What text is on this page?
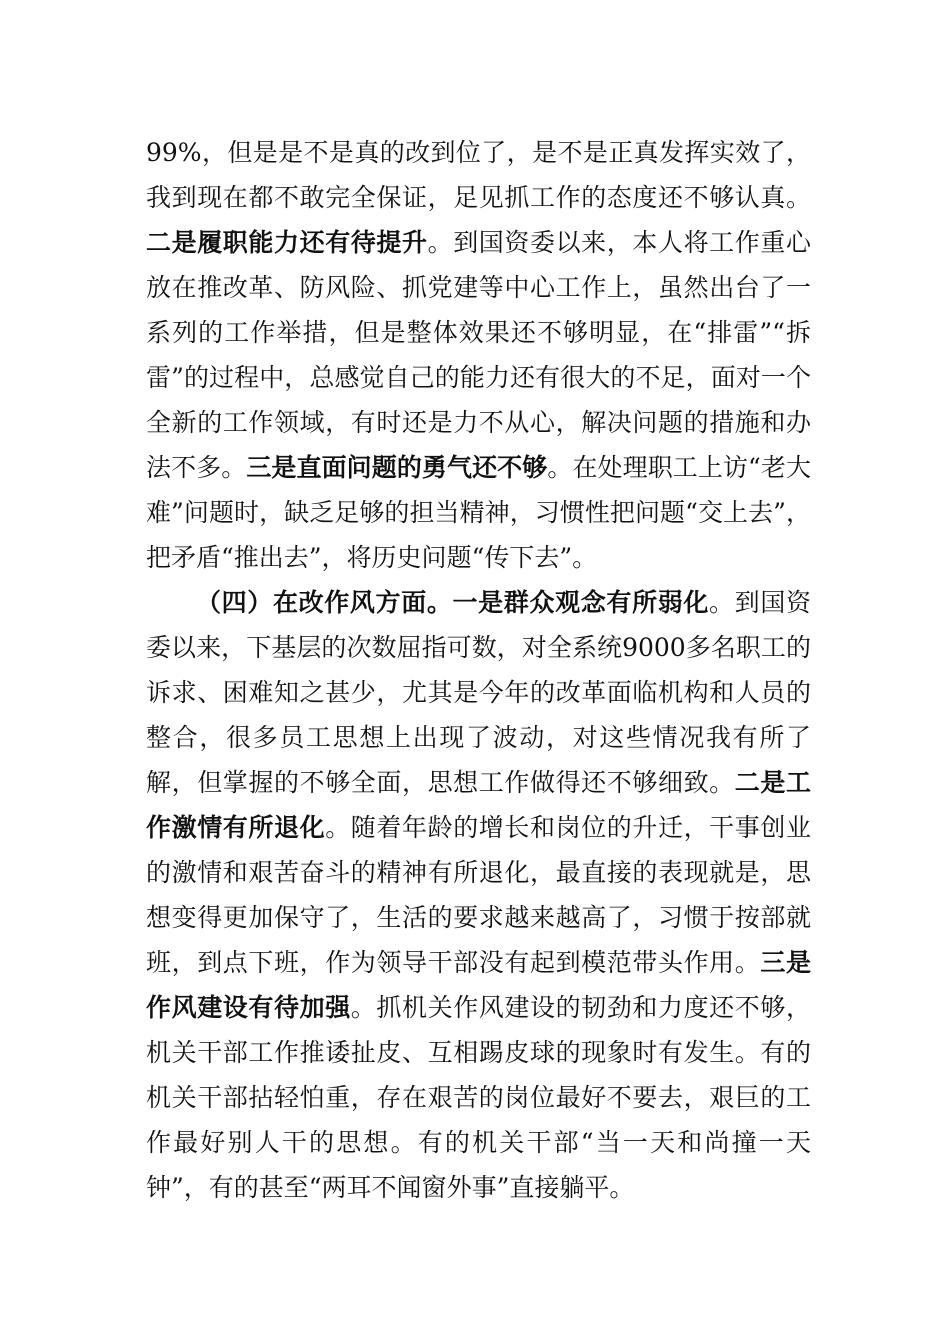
99%，但是是不是真的改到位了，是不是正真发挥实效了，我到现在都不敢完全保证，足见抓工作的态度还不够认真。二是履职能力还有待提升。到国资委以来，本人将工作重心放在推改革、防风险、抓党建等中心工作上，虽然出台了一系列的工作举措，但是整体效果还不够明显，在“排雷”“拆雷”的过程中，总感觉自己的能力还有很大的不足，面对一个全新的工作领域，有时还是力不从心，解决问题的措施和办法不多。三是直面问题的勇气还不够。在处理职工上访“老大难”问题时，缺乏足够的担当精神，习惯性把问题“交上去”，把矛盾“推出去”，将历史问题“传下去”。

（四）在改作风方面。一是群众观念有所弱化。到国资委以来，下基层的次数屈指可数，对全系统9000多名职工的诉求、困难知之甚少，尤其是今年的改革面临机构和人员的整合，很多员工思想上出现了波动，对这些情况我有所了解，但掌握的不够全面，思想工作做得还不够细致。二是工作激情有所退化。随着年龄的增长和岗位的升迁，干事创业的激情和艰苦奋斗的精神有所退化，最直接的表现就是，思想变得更加保守了，生活的要求越来越高了，习惯于按部就班，到点下班，作为领导干部没有起到模范带头作用。三是作风建设有待加强。抓机关作风建设的韧劲和力度还不够，机关干部工作推诿扯皮、互相踢皮球的现象时有发生。有的机关干部拈轻怕重，存在艰苦的岗位最好不要去，艰巨的工作最好别人干的思想。有的机关干部“当一天和尚撞一天钟”，有的甚至“两耳不闻窗外事”直接躺平。
